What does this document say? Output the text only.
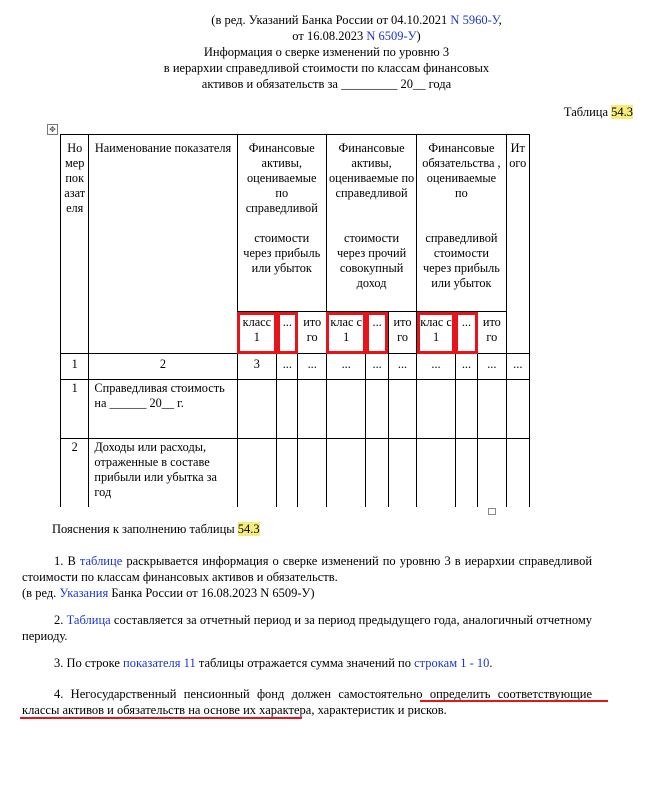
(в ред. Указаний Банка России от 04.10.2021 N 5960-У,
от 16.08.2023 N 6509-У)
Информация о сверке изменений по уровню 3
в иерархии справедливой стоимости по классам финансовых
активов и обязательств за _________ 20__ года
Таблица 54.3
✥
Но мер пок азат еля	Наименование показателя	Финансовые активы, оцениваемые по справедливой			Финансовые активы, оцениваемые по справедливой			Финансовые обязательства , оцениваемые по			Ит ого
		стоимости через прибыль или убыток			стоимости через прочий совокупный доход			справедливой стоимости через прибыль или убыток			
		класс 1	...	ито го	клас с 1	...	ито го	клас с 1	...	ито го	
1	2	3	...	...	...	...	...	...	...	...	...
1	Справедливая стоимость на ______ 20__ г.										
2	Доходы или расходы, отраженные в составе прибыли или убытка за год										
Пояснения к заполнению таблицы 54.3
1. В таблице раскрывается информация о сверке изменений по уровню 3 в иерархии справедливой стоимости по классам финансовых активов и обязательств.
(в ред. Указания Банка России от 16.08.2023 N 6509-У)
2. Таблица составляется за отчетный период и за период предыдущего года, аналогичный отчетному периоду.
3. По строке показателя 11 таблицы отражается сумма значений по строкам 1 - 10.
4. Негосударственный пенсионный фонд должен самостоятельно определить соответствующие классы активов и обязательств на основе их характера, характеристик и рисков.
